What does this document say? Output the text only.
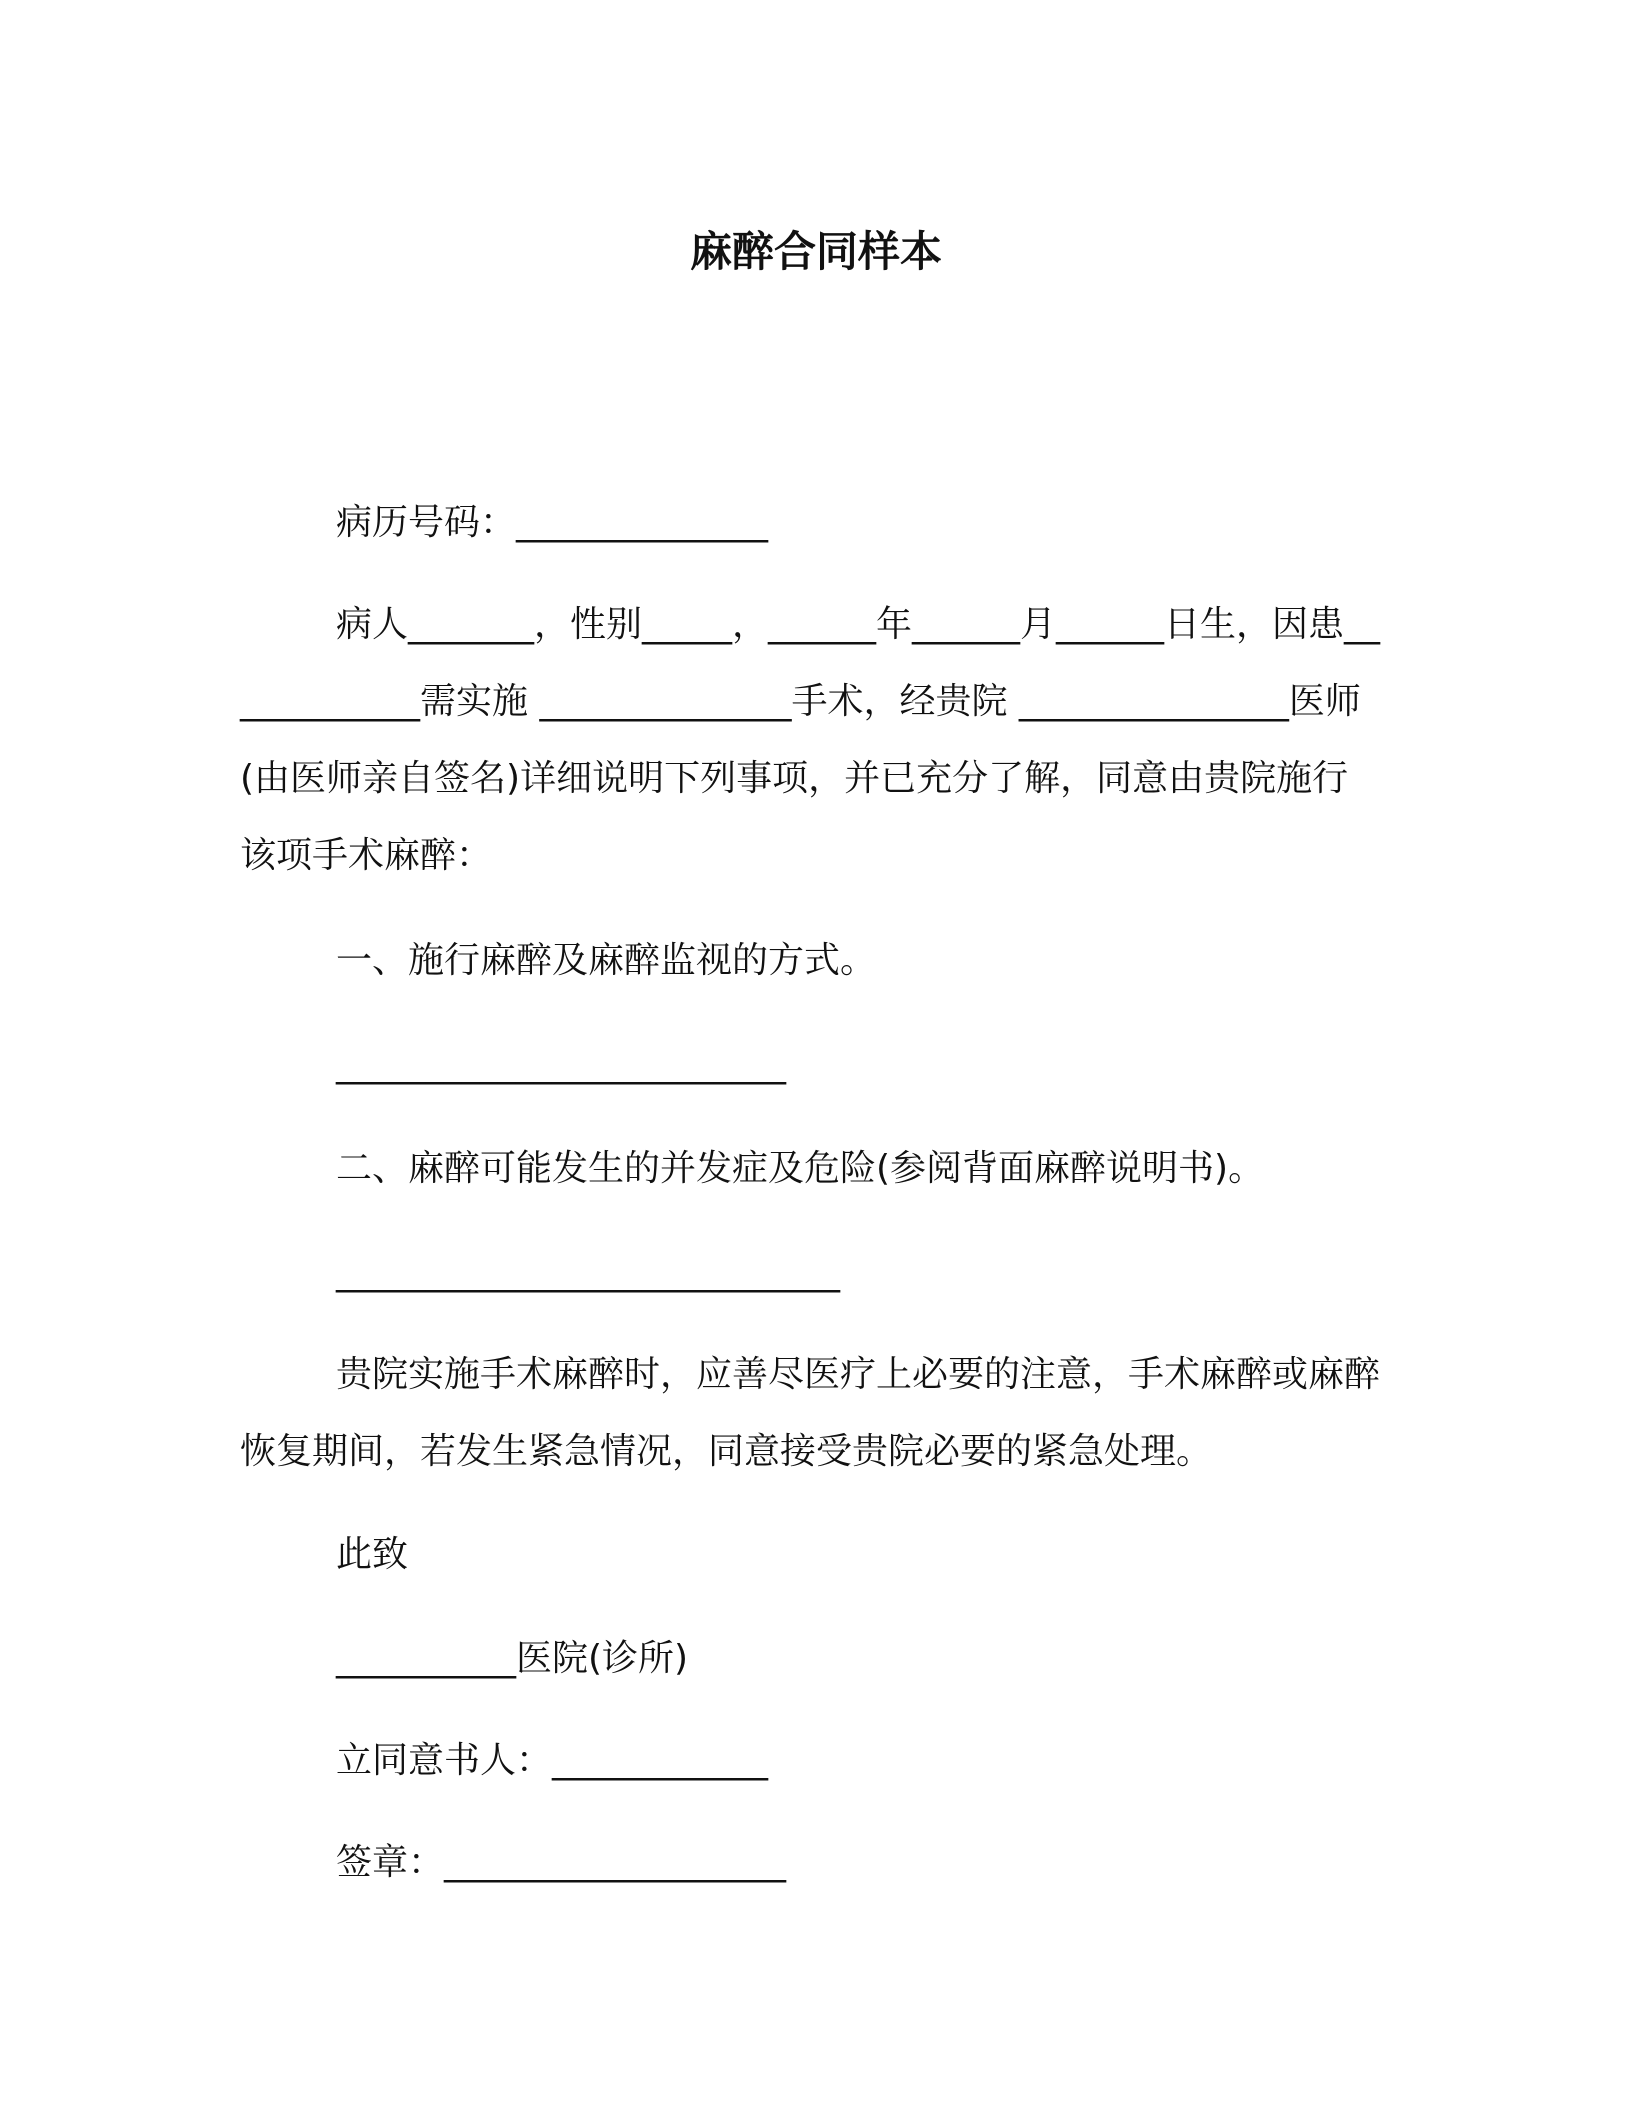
麻醉合同样本

病历号码：______________

病人_______，性别_____，______年______月______日生，因患____________需实施 ______________手术，经贵院 _______________医师(由医师亲自签名)详细说明下列事项，并已充分了解，同意由贵院施行该项手术麻醉：

一、施行麻醉及麻醉监视的方式。

_________________________

二、麻醉可能发生的并发症及危险(参阅背面麻醉说明书)。

____________________________

贵院实施手术麻醉时，应善尽医疗上必要的注意，手术麻醉或麻醉恢复期间，若发生紧急情况，同意接受贵院必要的紧急处理。

此致

__________医院(诊所)

立同意书人：____________

签章：___________________
